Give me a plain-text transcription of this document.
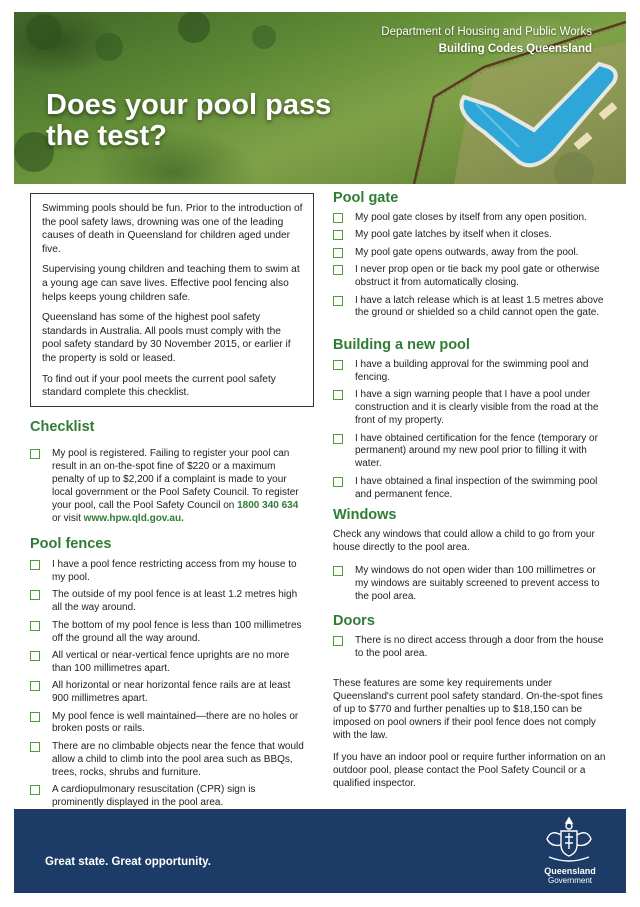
Department of Housing and Public Works
Building Codes Queensland
Does your pool pass the test?

Swimming pools should be fun. Prior to the introduction of the pool safety laws, drowning was one of the leading causes of death in Queensland for children aged under five.

Supervising young children and teaching them to swim at a young age can save lives. Effective pool fencing also helps keeps young children safe.

Queensland has some of the highest pool safety standards in Australia. All pools must comply with the pool safety standard by 30 November 2015, or earlier if the property is sold or leased.

To find out if your pool meets the current pool safety standard complete this checklist.

Checklist
My pool is registered. Failing to register your pool can result in an on-the-spot fine of $220 or a maximum penalty of up to $2,200 if a complaint is made to your local government or the Pool Safety Council. To register your pool, call the Pool Safety Council on 1800 340 634 or visit www.hpw.qld.gov.au.
Pool fences
I have a pool fence restricting access from my house to my pool.
The outside of my pool fence is at least 1.2 metres high all the way around.
The bottom of my pool fence is less than 100 millimetres off the ground all the way around.
All vertical or near-vertical fence uprights are no more than 100 millimetres apart.
All horizontal or near horizontal fence rails are at least 900 millimetres apart.
My pool fence is well maintained—there are no holes or broken posts or rails.
There are no climbable objects near the fence that would allow a child to climb into the pool area such as BBQs, trees, rocks, shrubs and furniture.
A cardiopulmonary resuscitation (CPR) sign is prominently displayed in the pool area.
Pool gate
My pool gate closes by itself from any open position.
My pool gate latches by itself when it closes.
My pool gate opens outwards, away from the pool.
I never prop open or tie back my pool gate or otherwise obstruct it from automatically closing.
I have a latch release which is at least 1.5 metres above the ground or shielded so a child cannot open the gate.
Building a new pool
I have a building approval for the swimming pool and fencing.
I have a sign warning people that I have a pool under construction and it is clearly visible from the road at the front of my property.
I have obtained certification for the fence (temporary or permanent) around my new pool prior to filling it with water.
I have obtained a final inspection of the swimming pool and permanent fence.
Windows

Check any windows that could allow a child to go from your house directly to the pool area.

My windows do not open wider than 100 millimetres or my windows are suitably screened to prevent access to the pool area.
Doors
There is no direct access through a door from the house to the pool area.

These features are some key requirements under Queensland's current pool safety standard. On-the-spot fines of up to $770 and further penalties up to $18,150 can be imposed on pool owners if their pool fence does not comply with the law.

If you have an indoor pool or require further information on an outdoor pool, please contact the Pool Safety Council or a qualified inspector.

Great state. Great opportunity.
Queensland
Government
